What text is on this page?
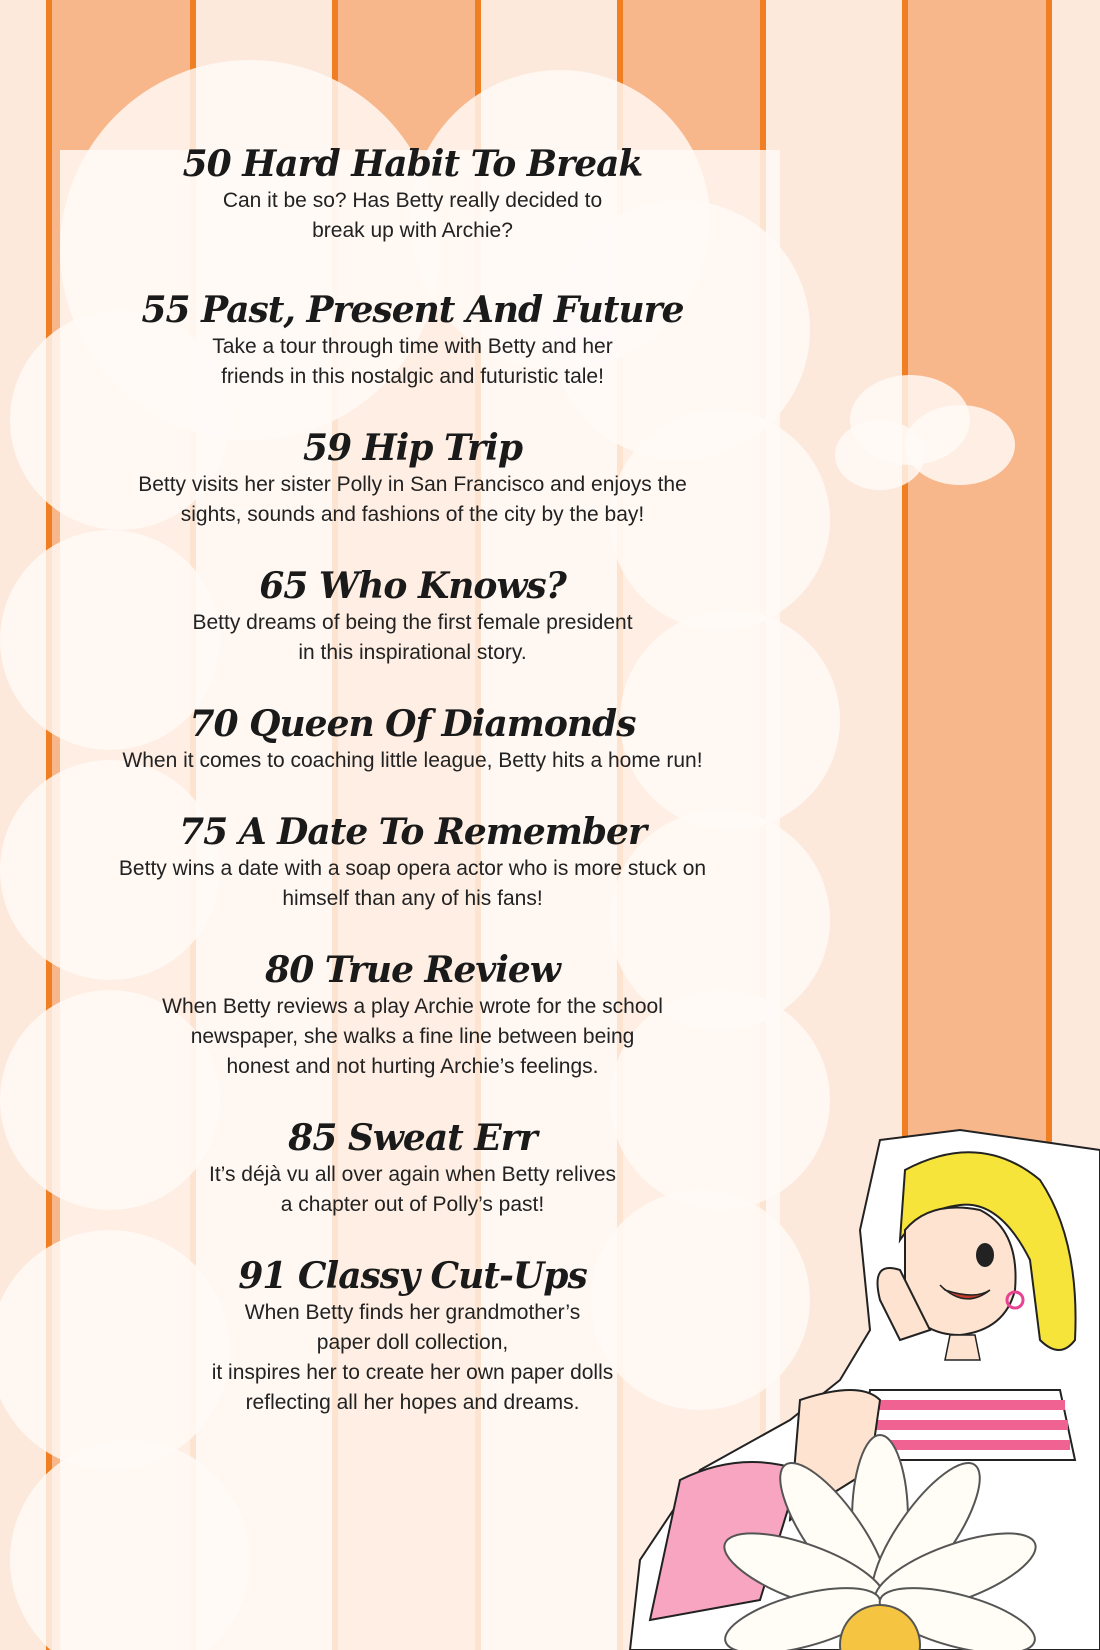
50 Hard Habit To Break
Can it be so? Has Betty really decided to
break up with Archie?
55 Past, Present And Future
Take a tour through time with Betty and her
friends in this nostalgic and futuristic tale!
59 Hip Trip
Betty visits her sister Polly in San Francisco and enjoys the
sights, sounds and fashions of the city by the bay!
65 Who Knows?
Betty dreams of being the first female president
in this inspirational story.
70 Queen Of Diamonds
When it comes to coaching little league, Betty hits a home run!
75 A Date To Remember
Betty wins a date with a soap opera actor who is more stuck on
himself than any of his fans!
80 True Review
When Betty reviews a play Archie wrote for the school
newspaper, she walks a fine line between being
honest and not hurting Archie’s feelings.
85 Sweat Err
It’s déjà vu all over again when Betty relives
a chapter out of Polly’s past!
91 Classy Cut-Ups
When Betty finds her grandmother’s
paper doll collection,
it inspires her to create her own paper dolls
reflecting all her hopes and dreams.
